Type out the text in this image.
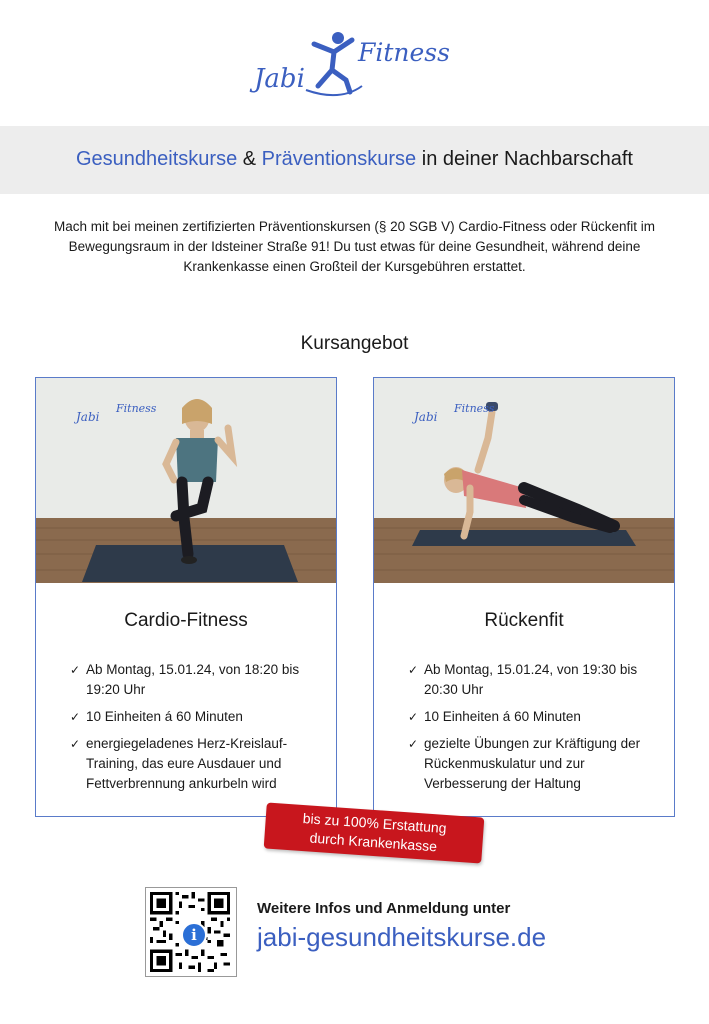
Jabi
Fitness
Gesundheitskurse & Präventionskurse in deiner Nachbarschaft
Mach mit bei meinen zertifizierten Präventionskursen (§ 20 SGB V) Cardio-Fitness oder Rückenfit im Bewegungsraum in der Idsteiner Straße 91! Du tust etwas für deine Gesundheit, während deine Krankenkasse einen Großteil der Kursgebühren erstattet.
Kursangebot
Jabi
Fitness
Cardio-Fitness
✓ Ab Montag, 15.01.24, von 18:20 bis 19:20 Uhr
✓ 10 Einheiten á 60 Minuten
✓ energiegeladenes Herz-Kreislauf-Training, das eure Ausdauer und Fettverbrennung ankurbeln wird
Jabi
Fitness
Rückenfit
✓ Ab Montag, 15.01.24, von 19:30 bis 20:30 Uhr
✓ 10 Einheiten á 60 Minuten
✓ gezielte Übungen zur Kräftigung der Rückenmuskulatur und zur Verbesserung der Haltung
bis zu 100% Erstattung
durch Krankenkasse
i
Weitere Infos und Anmeldung unter
jabi-gesundheitskurse.de
